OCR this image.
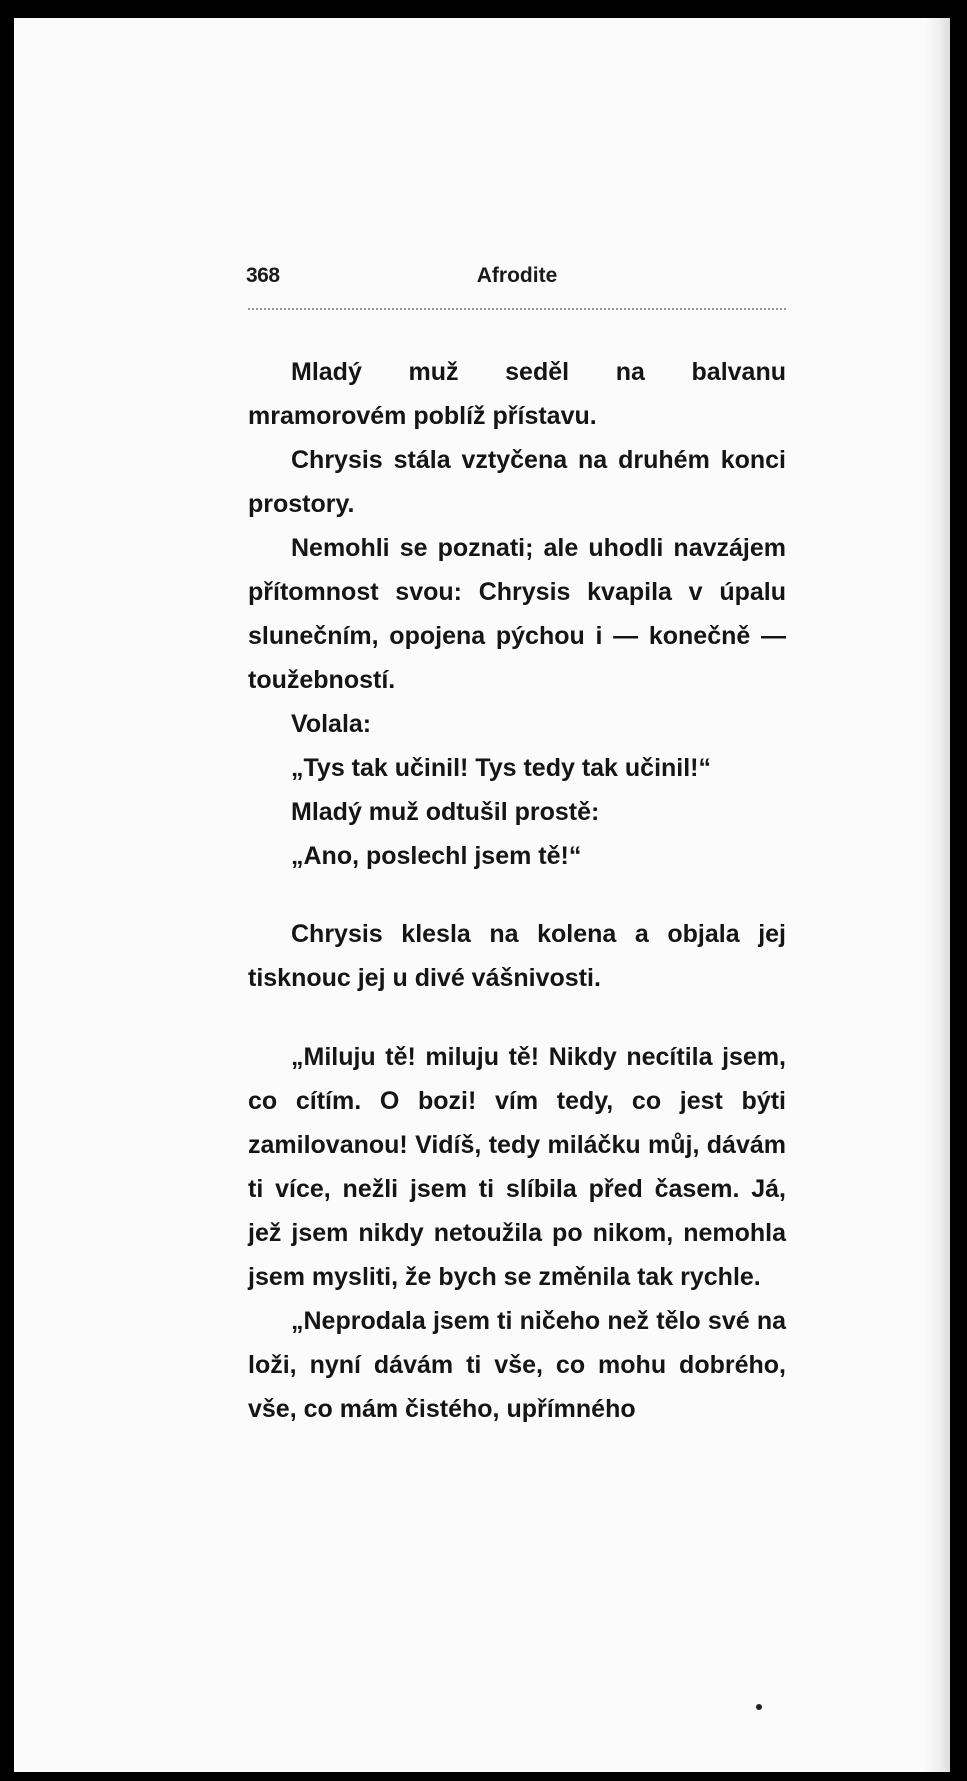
368	Afrodite

Mladý muž seděl na balvanu mramorovém poblíž přístavu.

Chrysis stála vztyčena na druhém konci prostory.

Nemohli se poznati; ale uhodli navzájem přítomnost svou: Chrysis kvapila v úpalu slunečním, opojena pýchou i — konečně — toužebností.

Volala:

„Tys tak učinil! Tys tedy tak učinil!“

Mladý muž odtušil prostě:

„Ano, poslechl jsem tě!“

Chrysis klesla na kolena a objala jej tisknouc jej u divé vášnivosti.

„Miluju tě! miluju tě! Nikdy necítila jsem, co cítím. O bozi! vím tedy, co jest býti zamilovanou! Vidíš, tedy miláčku můj, dávám ti více, nežli jsem ti slíbila před časem. Já, jež jsem nikdy netoužila po nikom, nemohla jsem mysliti, že bych se změnila tak rychle.

„Neprodala jsem ti ničeho než tělo své na loži, nyní dávám ti vše, co mohu dobrého, vše, co mám čistého, upřímného
